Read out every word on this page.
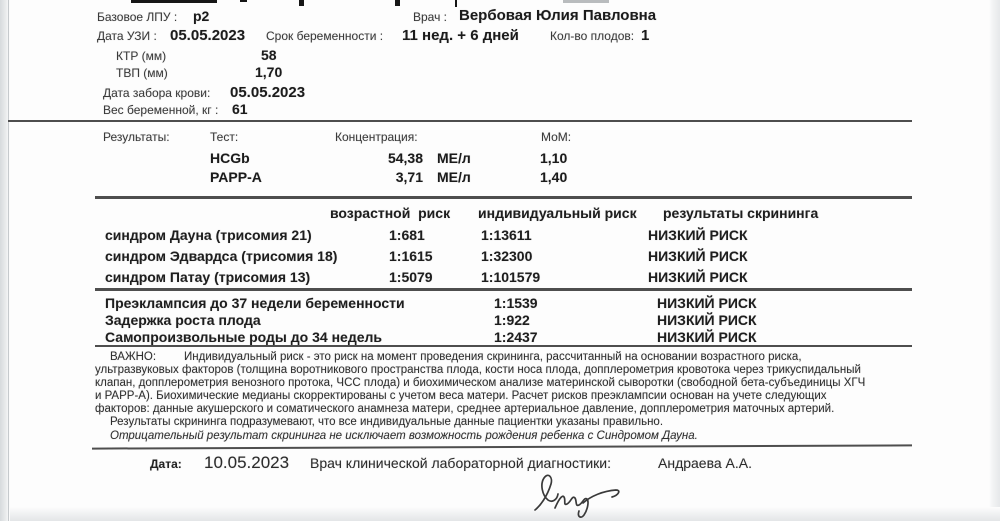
Базовое ЛПУ : р2	Врач : Вербовая Юлия Павловна
Дата УЗИ : 05.05.2023 Срок беременности : 11 нед. + 6 дней	Кол-во плодов: 1
КТР (мм)	58
ТВП (мм)	1,70
Дата забора крови: 05.05.2023
Вес беременной, кг : 61
Результаты:	Тест:	Концентрация:	МоМ:
HCGb	54,38 МЕ/л	1,10
PAPP-A	3,71 МЕ/л	1,40
возрастной  риск индивидуальный риск результаты скрининга
синдром Дауна (трисомия 21)	1:681	1:13611	НИЗКИЙ РИСК
синдром Эдвардса (трисомия 18)	1:1615	1:32300	НИЗКИЙ РИСК
синдром Патау (трисомия 13)	1:5079	1:101579	НИЗКИЙ РИСК
Преэклампсия до 37 недели беременности	1:1539	НИЗКИЙ РИСК
Задержка роста плода	1:922	НИЗКИЙ РИСК
Самопроизвольные роды до 34 недель	1:2437	НИЗКИЙ РИСК
ВАЖНО: Индивидуальный риск - это риск на момент проведения скрининга, рассчитанный на основании возрастного риска,
ультразвуковых факторов (толщина воротникового пространства плода, кости носа плода, допплерометрия кровотока через трикуспидальный
клапан, допплерометрия венозного протока, ЧСС плода) и биохимическом анализе материнской сыворотки (свободной бета-субъединицы ХГЧ
и PAPP-A). Биохимические медианы скорректированы с учетом веса матери. Расчет рисков преэклампсии основан на учете следующих
факторов: данные акушерского и соматического анамнеза матери, среднее артериальное давление, допплерометрия маточных артерий.
Результаты скрининга подразумевают, что все индивидуальные данные пациентки указаны правильно.
Отрицательный результат скрининга не исключает возможность рождения ребенка с Синдромом Дауна.
Дата: 10.05.2023 Врач клинической лабораторной диагностики:	Андраева А.А.
